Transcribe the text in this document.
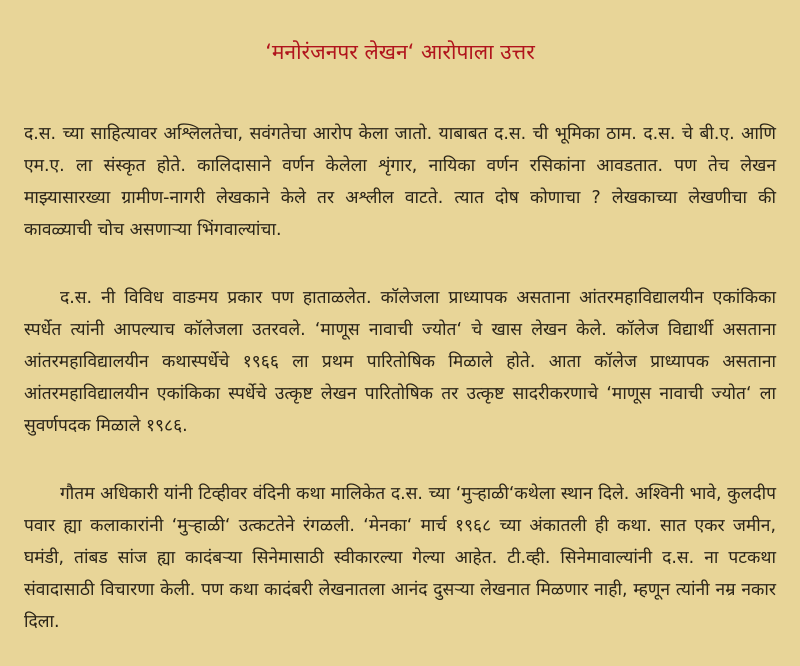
‘मनोरंजनपर लेखन‘ आरोपाला उत्तर

द.स. च्या साहित्यावर अश्लिलतेचा, सवंगतेचा आरोप केला जातो. याबाबत द.स. ची भूमिका ठाम. द.स. चे बी.ए. आणि एम.ए. ला संस्कृत होते. कालिदासाने वर्णन केलेला शृंगार, नायिका वर्णन रसिकांना आवडतात. पण तेच लेखन माझ्यासारख्या ग्रामीण-नागरी लेखकाने केले तर अश्लील वाटते. त्यात दोष कोणाचा ? लेखकाच्या लेखणीचा की कावळ्याची चोच असणाऱ्या भिंगवाल्यांचा.

द.स. नी विविध वाङमय प्रकार पण हाताळलेत. कॉलेजला प्राध्यापक असताना आंतरमहाविद्यालयीन एकांकिका स्पर्धेत त्यांनी आपल्याच कॉलेजला उतरवले. ‘माणूस नावाची ज्योत‘ चे खास लेखन केले. कॉलेज विद्यार्थी असताना आंतरमहाविद्यालयीन कथास्पर्धेचे १९६६ ला प्रथम पारितोषिक मिळाले होते. आता कॉलेज प्राध्यापक असताना आंतरमहाविद्यालयीन एकांकिका स्पर्धेचे उत्कृष्ट लेखन पारितोषिक तर उत्कृष्ट सादरीकरणाचे ‘माणूस नावाची ज्योत‘ ला सुवर्णपदक मिळाले १९८६.

गौतम अधिकारी यांनी टिव्हीवर वंदिनी कथा मालिकेत द.स. च्या ‘मुऱ्हाळी‘कथेला स्थान दिले. अश्विनी भावे, कुलदीप पवार ह्या कलाकारांनी ‘मुऱ्हाळी‘ उत्कटतेने रंगळली. ‘मेनका‘ मार्च १९६८ च्या अंकातली ही कथा. सात एकर जमीन, घमंडी, तांबड सांज ह्या कादंबऱ्या सिनेमासाठी स्वीकारल्या गेल्या आहेत. टी.व्ही. सिनेमावाल्यांनी द.स. ना पटकथा संवादासाठी विचारणा केली. पण कथा कादंबरी लेखनातला आनंद दुसऱ्या लेखनात मिळणार नाही, म्हणून त्यांनी नम्र नकार दिला.
